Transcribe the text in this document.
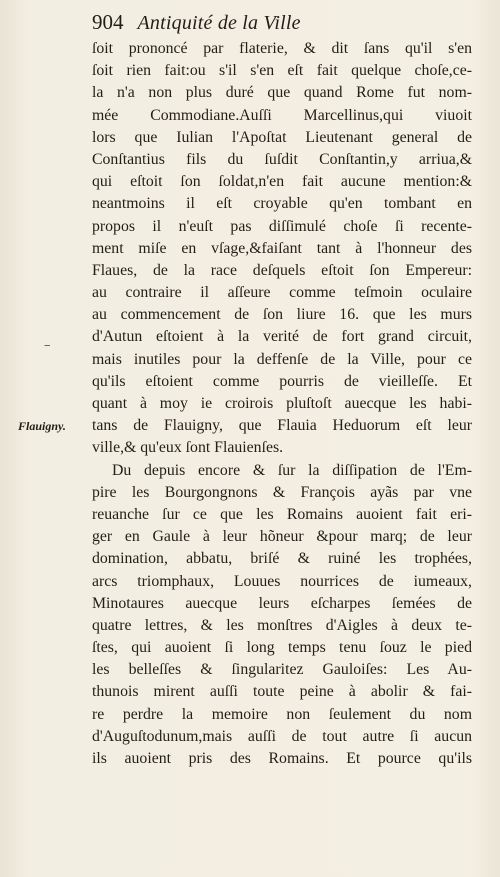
904 Antiquité de la Ville
–
Flauigny.
ſoit prononcé par flaterie, & dit ſans qu'il s'en
ſoit rien fait:ou s'il s'en eſt fait quelque choſe,ce-
la n'a non plus duré que quand Rome fut nom-
mée Commodiane.Auſſi Marcellinus,qui viuoit
lors que Iulian l'Apoſtat Lieutenant general de
Conſtantius fils du ſuſdit Conſtantin,y arriua,&
qui eſtoit ſon ſoldat,n'en fait aucune mention:&
neantmoins il eſt croyable qu'en tombant en
propos il n'euſt pas diſſimulé choſe ſi recente-
ment miſe en vſage,&faiſant tant à l'honneur des
Flaues, de la race deſquels eſtoit ſon Empereur:
au contraire il aſſeure comme teſmoin oculaire
au commencement de ſon liure 16. que les murs
d'Autun eſtoient à la verité de fort grand circuit,
mais inutiles pour la deffenſe de la Ville, pour ce
qu'ils eſtoient comme pourris de vieilleſſe. Et
quant à moy ie croirois pluſtoſt auecque les habi-
tans de Flauigny, que Flauia Heduorum eſt leur
ville,& qu'eux ſont Flauienſes.
Du depuis encore & ſur la diſſipation de l'Em-
pire les Bourgongnons & François ayãs par vne
reuanche ſur ce que les Romains auoient fait eri-
ger en Gaule à leur hõneur &pour marq; de leur
domination, abbatu, briſé & ruiné les trophées,
arcs triomphaux, Louues nourrices de iumeaux,
Minotaures auecque leurs eſcharpes ſemées de
quatre lettres, & les monſtres d'Aigles à deux te-
ſtes, qui auoient ſi long temps tenu ſouz le pied
les belleſſes & ſingularitez Gauloiſes: Les Au-
thunois mirent auſſi toute peine à abolir & fai-
re perdre la memoire non ſeulement du nom
d'Auguſtodunum,mais auſſi de tout autre ſi aucun
ils auoient pris des Romains. Et pource qu'ils
